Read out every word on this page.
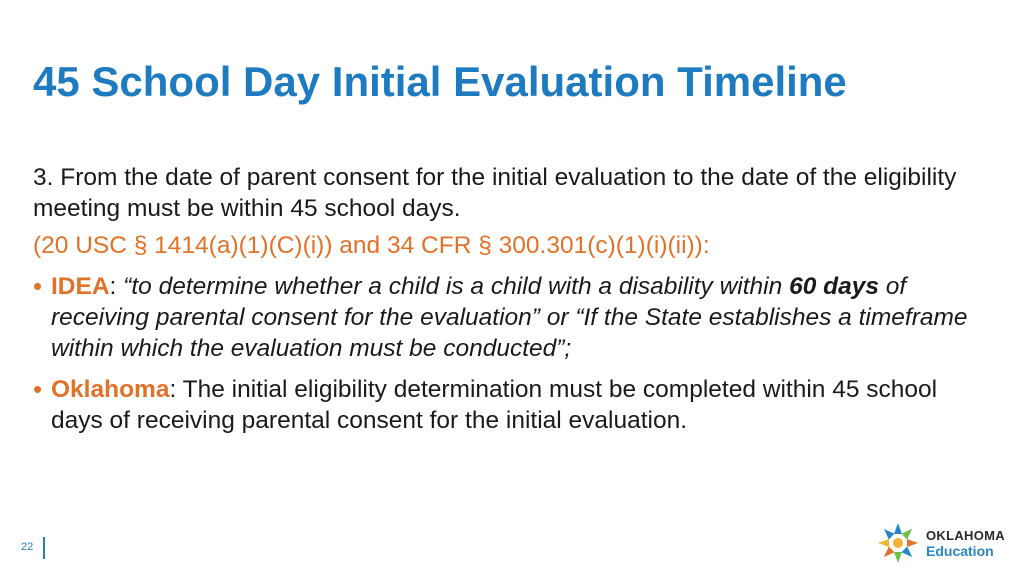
45 School Day Initial Evaluation Timeline

3. From the date of parent consent for the initial evaluation to the date of the eligibility meeting must be within 45 school days.

(20 USC § 1414(a)(1)(C)(i)) and 34 CFR § 300.301(c)(1)(i)(ii)):

• IDEA: “to determine whether a child is a child with a disability within 60 days of receiving parental consent for the evaluation” or “If the State establishes a timeframe within which the evaluation must be conducted”;
• Oklahoma: The initial eligibility determination must be completed within 45 school days of receiving parental consent for the initial evaluation.
22
OKLAHOMA
Education
